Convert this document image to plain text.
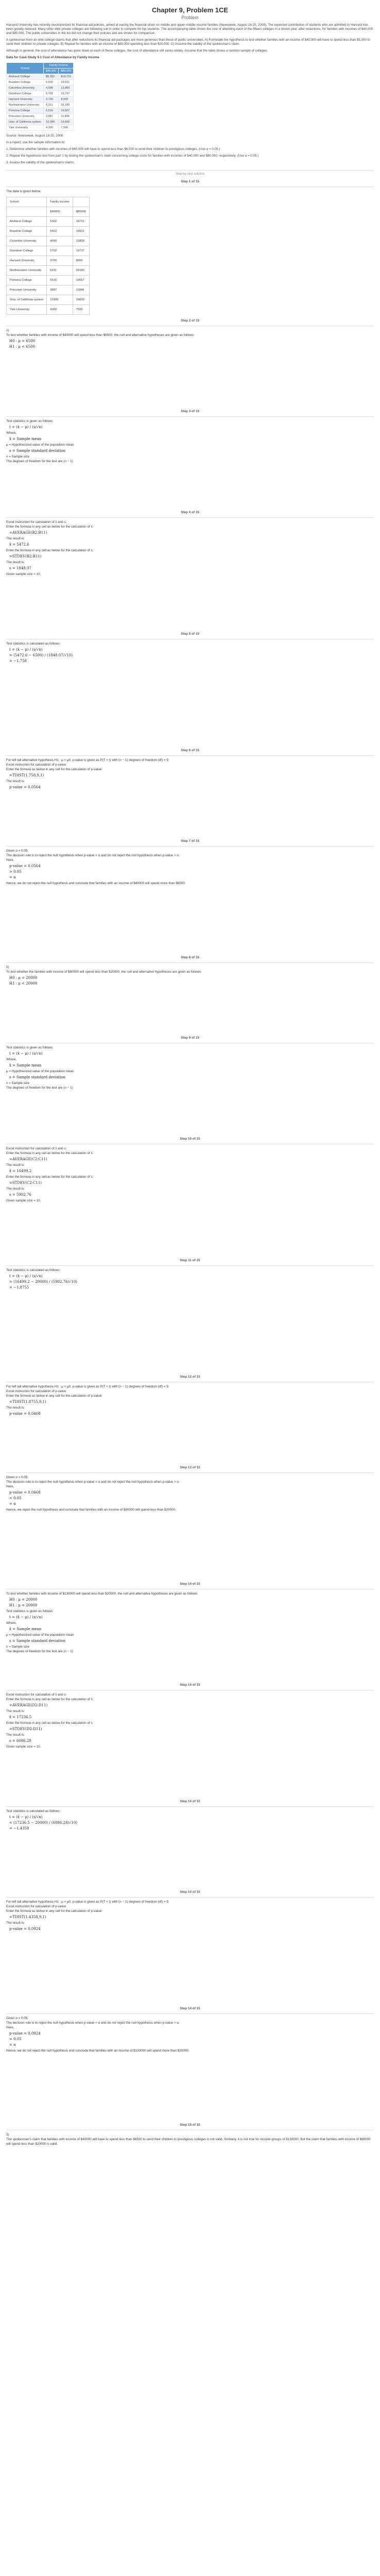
Chapter 9, Problem 1CE
Problem

Harvard University has recently revolutionized its financial aid policies, aimed at easing the financial strain on middle and upper-middle income families (Newsweek, August 18-25, 2008). The expected contribution of students who are admitted to Harvard has been greatly reduced. Many other elite private colleges are following suit in order to compete for top students. The accompanying table shows the cost of attending each of the fifteen colleges in a recent year, after reductions, for families with incomes of $40,000 and $80,000. The public universities in the list did not change their policies and are shown for comparison.

A spokesman from an elite college claims that after reductions its financial aid packages are more generous than those of public universities. A) Formulate the hypothesis to test whether families with an income of $40,000 will have to spend less than $5,000 to send their children to private colleges. B) Repeat for families with an income of $80,000 spending less than $20,000. C) Assume the validity of the spokesman's claim.

Although in general, the cost of attendance has gone down at each of these colleges, the cost of attendance still varies widely. Assume that the table shows a random sample of colleges.

Data for Case Study 9.1 Cost of Attendance by Family Income

School	Family Income	
	$40,000	$80,000
Amherst College	$5,302	$19,731
Bowdoin College	5,502	19,931
Columbia University	4,500	12,800
Davidson College	5,702	19,737
Harvard University	3,700	8,000
Northwestern University	6,311	26,180
Pomona College	5,516	19,667
Princeton University	3,887	11,846
Univ. of California system	10,306	19,600
Yale University	4,300	7,500

Source: Newsweek, August 18-25, 2008.

In a report, use the sample information to:

1. Determine whether families with incomes of $40,000 will have to spend less than $6,500 to send their children to prestigious colleges. (Use α = 0.05.)

2. Repeat the hypothesis test from part 1 by testing the spokesman's claim concerning college costs for families with incomes of $40,000 and $80,000, respectively. (Use α = 0.05.)

3. Assess the validity of the spokesman's claims.

Step-by-step solution
Step 1 of 15
The data is given below:
School	Family income	
	$40000	$80000
Amherst College	5302	19731
Bowdoin College	5502	19931
Columbia University	4500	12800
Davidson College	5702	19737
Harvard University	3700	8000
Northwestern University	6311	26180
Pomona College	5516	19667
Princeton University	3887	11846
Univ. of California system	10306	19600
Yale University	4300	7500
Step 2 of 15
1)
To test whether families with income of $40000 will spend less than $6500, the null and alternative hypotheses are given as follows:
H0 : μ = 6500
H1 : μ < 6500
Step 3 of 15
Test statistics is given as follows:
t = (x̄ − μ) / (s/√n)
Where,
x̄ = Sample mean
μ = Hypothesized value of the population mean
s = Sample standard deviation
n = Sample size
The degrees of freedom for the test are (n − 1)
Step 4 of 15
Excel instruction for calculation of x̄ and s:
Enter the formula in any cell as below for the calculation of x̄:
=AVERAGE(B2:B11)
The result is:
x̄ = 5472.6
Enter the formula in any cell as below for the calculation of s:
=STDEV(B2:B11)
The result is:
s = 1848.07
Given sample size = 10.
Step 5 of 15
Test statistics is calculated as follows:
t = (x̄ − μ) / (s/√n)
= (5472.6 − 6500) / (1848.07/√10)
= −1.758
Step 6 of 15
For left tail alternative hypothesis H1 : μ < μ0, p-value is given as P(T < t) with (n − 1) degrees of freedom (df) = 9.
Excel instruction for calculation of p-value:
Enter the formula as below in any cell for the calculation of p-value:
=TDIST(1.758,9,1)
The result is:
p-value = 0.0564
Step 7 of 15
Given α = 0.05.
The decision rule is to reject the null hypothesis when p-value < α and do not reject the null hypothesis when p-value > α.
Here,
p-value = 0.0564
> 0.05
= α
Hence, we do not reject the null hypothesis and conclude that families with an income of $40000 will spend more than $6500.
Step 8 of 15
2)
To test whether the families with income of $80000 will spend less than $20000, the null and alternative hypotheses are given as follows:
H0 : μ = 20000
H1 : μ < 20000
Step 9 of 15
Test statistics is given as follows:
t = (x̄ − μ) / (s/√n)
Where,
x̄ = Sample mean
μ = Hypothesized value of the population mean
s = Sample standard deviation
n = Sample size
The degrees of freedom for the test are (n − 1)
Step 10 of 15
Excel instruction for calculation of x̄ and s:
Enter the formula in any cell as below for the calculation of x̄:
=AVERAGE(C2:C11)
The result is:
x̄ = 16499.2
Enter the formula in any cell as below for the calculation of s:
=STDEV(C2:C11)
The result is:
s = 5902.76
Given sample size = 10.
Step 11 of 15
Test statistics is calculated as follows:
t = (x̄ − μ) / (s/√n)
= (16499.2 − 20000) / (5902.76/√10)
= −1.8755
Step 12 of 15
For left tail alternative hypothesis H1 : μ < μ0, p-value is given as P(T < t) with (n − 1) degrees of freedom (df) = 9.
Excel instruction for calculation of p-value:
Enter the formula as below in any cell for the calculation of p-value:
=TDIST(1.8755,9,1)
The result is:
p-value = 0.0468
Step 13 of 15
Given α = 0.05.
The decision rule is to reject the null hypothesis when p-value < α and do not reject the null hypothesis when p-value > α.
Here,
p-value = 0.0468
< 0.05
= α
Hence, we reject the null hypothesis and conclude that families with an income of $80000 will spend less than $20000.
Step 14 of 15
To test whether families with income of $130000 will spend less than $20000, the null and alternative hypotheses are given as follows:
H0 : μ = 20000
H1 : μ < 20000
Test statistics is given as follows:
t = (x̄ − μ) / (s/√n)
Where,
x̄ = Sample mean
μ = Hypothesized value of the population mean
s = Sample standard deviation
n = Sample size
The degrees of freedom for the test are (n − 1)
Step 14 of 15
Excel instruction for calculation of x̄ and s:
Enter the formula in any cell as below for the calculation of x̄:
=AVERAGE(D2:D11)
The result is:
x̄ = 17236.5
Enter the formula in any cell as below for the calculation of s:
=STDEV(D2:D11)
The result is:
s = 6086.28
Given sample size = 10.
Step 14 of 15
Test statistics is calculated as follows:
t = (x̄ − μ) / (s/√n)
= (17236.5 − 20000) / (6086.28/√10)
= −1.4358
Step 14 of 15
For left tail alternative hypothesis H1 : μ < μ0, p-value is given as P(T < t) with (n − 1) degrees of freedom (df) = 9.
Excel instruction for calculation of p-value:
Enter the formula as below in any cell for the calculation of p-value:
=TDIST(1.4358,9,1)
The result is:
p-value = 0.0924
Step 14 of 15
Given α = 0.05.
The decision rule is to reject the null hypothesis when p-value < α and do not reject the null hypothesis when p-value > α.
Here,
p-value = 0.0924
> 0.05
= α
Hence, we do not reject the null hypothesis and conclude that families with an income of $130000 will spend more than $20000.
Step 15 of 15
3)
The spokesman's claim that families with income of $40000 will have to spend less than $6500 to send their children to prestigious colleges is not valid. Similarly, it is not true for income groups of $130000. But the claim that families with income of $80000 will spend less than $20000 is valid.
